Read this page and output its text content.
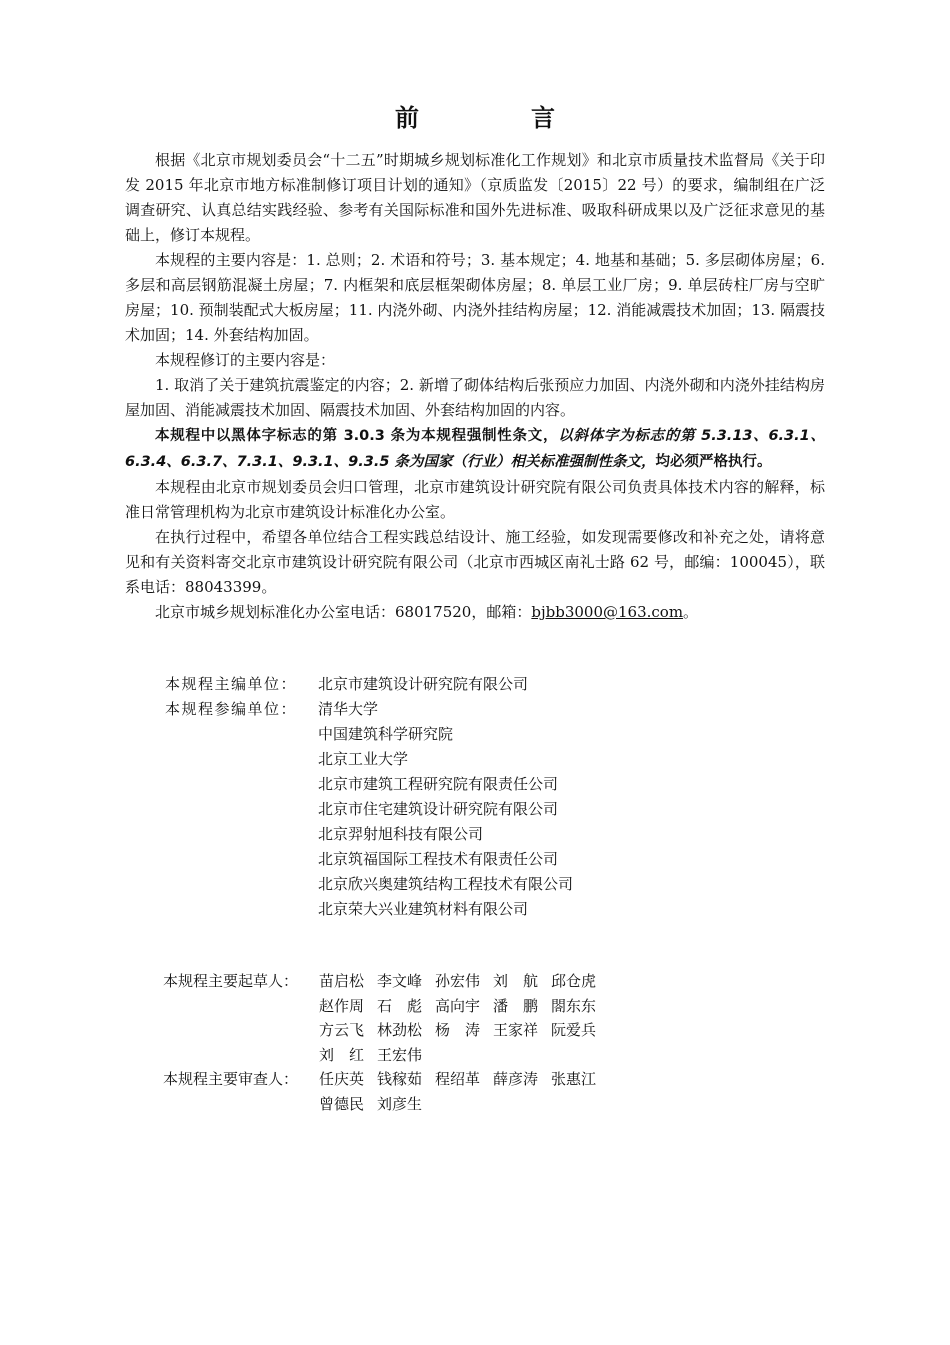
前　言

根据《北京市规划委员会“十二五”时期城乡规划标准化工作规划》和北京市质量技术监督局《关于印发 2015 年北京市地方标准制修订项目计划的通知》（京质监发〔2015〕22 号）的要求，编制组在广泛调查研究、认真总结实践经验、参考有关国际标准和国外先进标准、吸取科研成果以及广泛征求意见的基础上，修订本规程。

本规程的主要内容是：1. 总则；2. 术语和符号；3. 基本规定；4. 地基和基础；5. 多层砌体房屋；6. 多层和高层钢筋混凝土房屋；7. 内框架和底层框架砌体房屋；8. 单层工业厂房；9. 单层砖柱厂房与空旷房屋；10. 预制装配式大板房屋；11. 内浇外砌、内浇外挂结构房屋；12. 消能减震技术加固；13. 隔震技术加固；14. 外套结构加固。

本规程修订的主要内容是：

1. 取消了关于建筑抗震鉴定的内容；2. 新增了砌体结构后张预应力加固、内浇外砌和内浇外挂结构房屋加固、消能减震技术加固、隔震技术加固、外套结构加固的内容。

本规程中以黑体字标志的第 3.0.3 条为本规程强制性条文，以斜体字为标志的第 5.3.13、6.3.1、6.3.4、6.3.7、7.3.1、9.3.1、9.3.5 条为国家（行业）相关标准强制性条文，均必须严格执行。

本规程由北京市规划委员会归口管理，北京市建筑设计研究院有限公司负责具体技术内容的解释，标准日常管理机构为北京市建筑设计标准化办公室。

在执行过程中，希望各单位结合工程实践总结设计、施工经验，如发现需要修改和补充之处，请将意见和有关资料寄交北京市建筑设计研究院有限公司（北京市西城区南礼士路 62 号，邮编：100045），联系电话：88043399。

北京市城乡规划标准化办公室电话：68017520，邮箱：bjbb3000@163.com。

本规程主编单位：	北京市建筑设计研究院有限公司
本规程参编单位：	清华大学
中国建筑科学研究院
北京工业大学
北京市建筑工程研究院有限责任公司
北京市住宅建筑设计研究院有限公司
北京羿射旭科技有限公司
北京筑福国际工程技术有限责任公司
北京欣兴奥建筑结构工程技术有限公司
北京荣大兴业建筑材料有限公司
本规程主要起草人：	苗启松 李文峰 孙宏伟 刘　航 邱仓虎
赵作周 石　彪 高向宇 潘　鹏 閤东东
方云飞 林劲松 杨　涛 王家祥 阮爱兵
刘　红 王宏伟
本规程主要审查人：	任庆英 钱稼茹 程绍革 薛彦涛 张惠江
曾德民 刘彦生
